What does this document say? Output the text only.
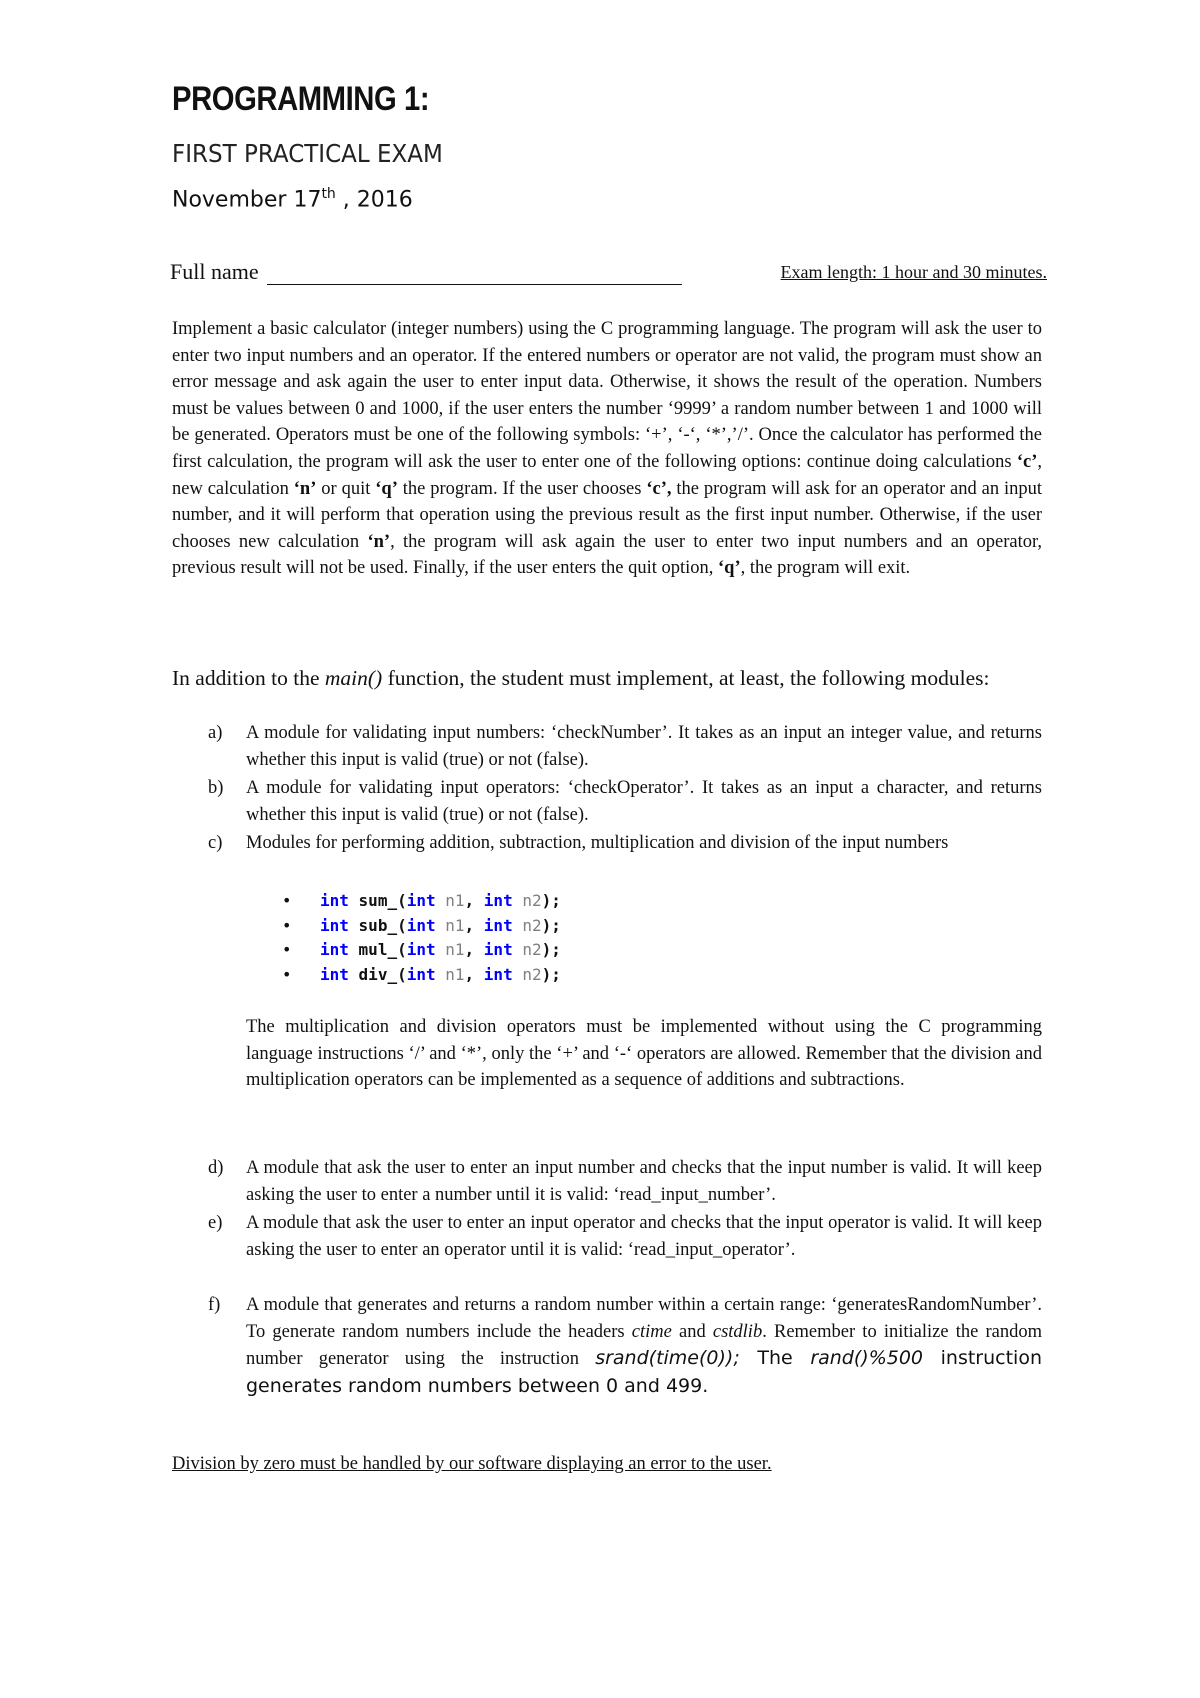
PROGRAMMING 1:
FIRST PRACTICAL EXAM
November 17th , 2016
Full name	Exam length: 1 hour and 30 minutes.

Implement a basic calculator (integer numbers) using the C programming language. The program will ask the user to enter two input numbers and an operator. If the entered numbers or operator are not valid, the program must show an error message and ask again the user to enter input data. Otherwise, it shows the result of the operation. Numbers must be values between 0 and 1000, if the user enters the number ‘9999’ a random number between 1 and 1000 will be generated. Operators must be one of the following symbols: ‘+’, ‘-‘, ‘*’,’/’. Once the calculator has performed the first calculation, the program will ask the user to enter one of the following options: continue doing calculations ‘c’, new calculation ‘n’ or quit ‘q’ the program. If the user chooses ‘c’, the program will ask for an operator and an input number, and it will perform that operation using the previous result as the first input number. Otherwise, if the user chooses new calculation ‘n’, the program will ask again the user to enter two input numbers and an operator, previous result will not be used. Finally, if the user enters the quit option, ‘q’, the program will exit.

In addition to the main() function, the student must implement, at least, the following modules:

a) A module for validating input numbers: ‘checkNumber’. It takes as an input an integer value, and returns whether this input is valid (true) or not (false).
b) A module for validating input operators: ‘checkOperator’. It takes as an input a character, and returns whether this input is valid (true) or not (false).
c) Modules for performing addition, subtraction, multiplication and division of the input numbers
• int sum_(int n1, int n2);
• int sub_(int n1, int n2);
• int mul_(int n1, int n2);
• int div_(int n1, int n2);

The multiplication and division operators must be implemented without using the C programming language instructions ‘/’ and ‘*’, only the ‘+’ and ‘-‘ operators are allowed. Remember that the division and multiplication operators can be implemented as a sequence of additions and subtractions.

d) A module that ask the user to enter an input number and checks that the input number is valid. It will keep asking the user to enter a number until it is valid: ‘read_input_number’.
e) A module that ask the user to enter an input operator and checks that the input operator is valid. It will keep asking the user to enter an operator until it is valid: ‘read_input_operator’.
f) A module that generates and returns a random number within a certain range: ‘generatesRandomNumber’. To generate random numbers include the headers ctime and cstdlib. Remember to initialize the random number generator using the instruction srand(time(0)); The rand()%500 instruction generates random numbers between 0 and 499.
Division by zero must be handled by our software displaying an error to the user.
